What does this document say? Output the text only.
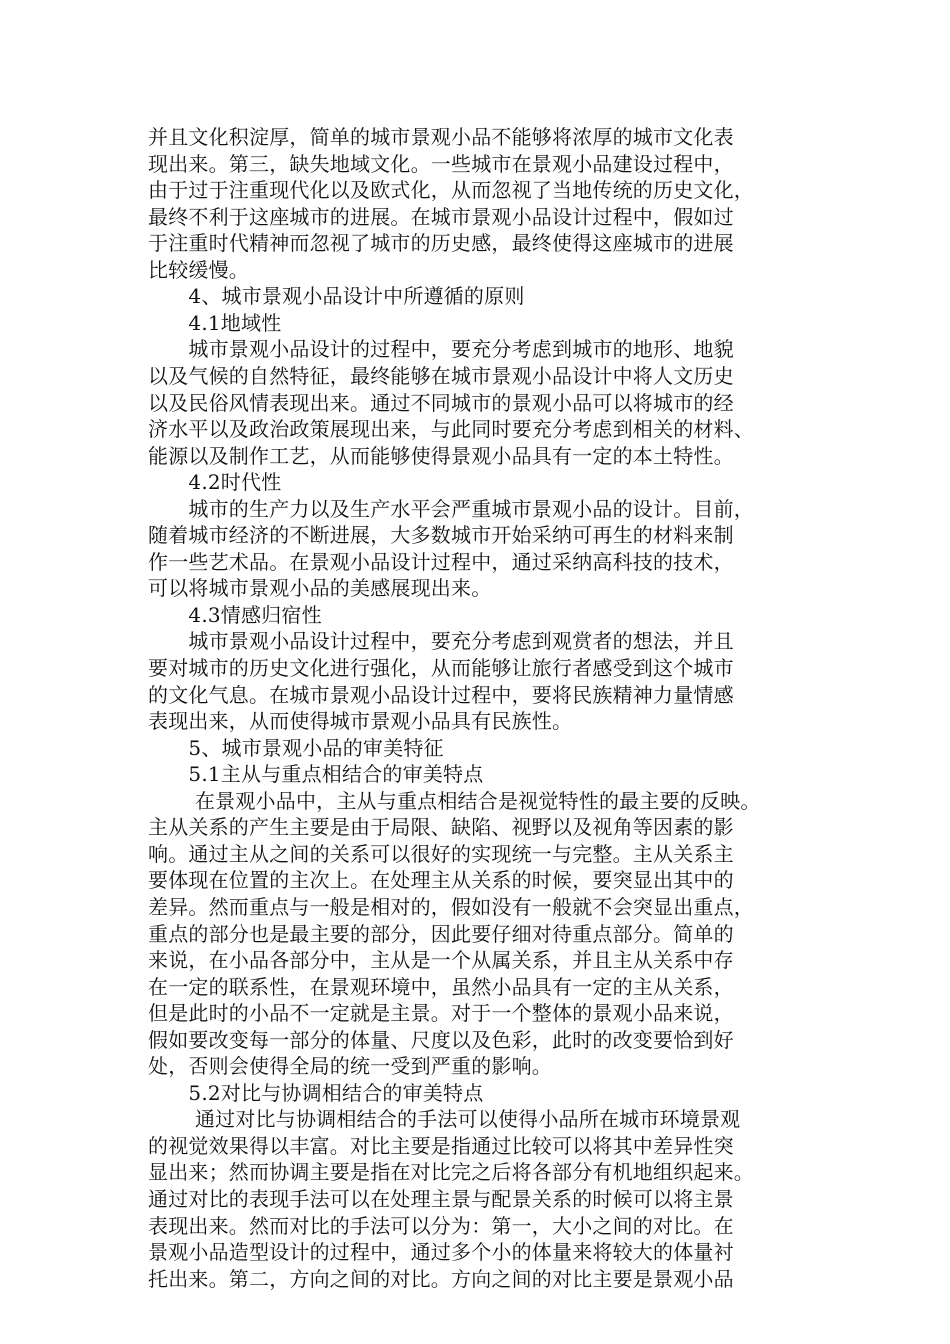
并且文化积淀厚，简单的城市景观小品不能够将浓厚的城市文化表
现出来。第三，缺失地域文化。一些城市在景观小品建设过程中，
由于过于注重现代化以及欧式化，从而忽视了当地传统的历史文化，
最终不利于这座城市的进展。在城市景观小品设计过程中，假如过
于注重时代精神而忽视了城市的历史感，最终使得这座城市的进展
比较缓慢。
　　4、城市景观小品设计中所遵循的原则
　　4.1地域性
　　城市景观小品设计的过程中，要充分考虑到城市的地形、地貌
以及气候的自然特征，最终能够在城市景观小品设计中将人文历史
以及民俗风情表现出来。通过不同城市的景观小品可以将城市的经
济水平以及政治政策展现出来，与此同时要充分考虑到相关的材料、
能源以及制作工艺，从而能够使得景观小品具有一定的本土特性。
　　4.2时代性
　　城市的生产力以及生产水平会严重城市景观小品的设计。目前，
随着城市经济的不断进展，大多数城市开始采纳可再生的材料来制
作一些艺术品。在景观小品设计过程中，通过采纳高科技的技术，
可以将城市景观小品的美感展现出来。
　　4.3情感归宿性
　　城市景观小品设计过程中，要充分考虑到观赏者的想法，并且
要对城市的历史文化进行强化，从而能够让旅行者感受到这个城市
的文化气息。在城市景观小品设计过程中，要将民族精神力量情感
表现出来，从而使得城市景观小品具有民族性。
　　5、城市景观小品的审美特征
　　5.1主从与重点相结合的审美特点
　　 在景观小品中，主从与重点相结合是视觉特性的最主要的反映。
主从关系的产生主要是由于局限、缺陷、视野以及视角等因素的影
响。通过主从之间的关系可以很好的实现统一与完整。主从关系主
要体现在位置的主次上。在处理主从关系的时候，要突显出其中的
差异。然而重点与一般是相对的，假如没有一般就不会突显出重点，
重点的部分也是最主要的部分，因此要仔细对待重点部分。简单的
来说，在小品各部分中，主从是一个从属关系，并且主从关系中存
在一定的联系性，在景观环境中，虽然小品具有一定的主从关系，
但是此时的小品不一定就是主景。对于一个整体的景观小品来说，
假如要改变每一部分的体量、尺度以及色彩，此时的改变要恰到好
处，否则会使得全局的统一受到严重的影响。
　　5.2对比与协调相结合的审美特点
　　 通过对比与协调相结合的手法可以使得小品所在城市环境景观
的视觉效果得以丰富。对比主要是指通过比较可以将其中差异性突
显出来；然而协调主要是指在对比完之后将各部分有机地组织起来。
通过对比的表现手法可以在处理主景与配景关系的时候可以将主景
表现出来。然而对比的手法可以分为：第一，大小之间的对比。在
景观小品造型设计的过程中，通过多个小的体量来将较大的体量衬
托出来。第二，方向之间的对比。方向之间的对比主要是景观小品
